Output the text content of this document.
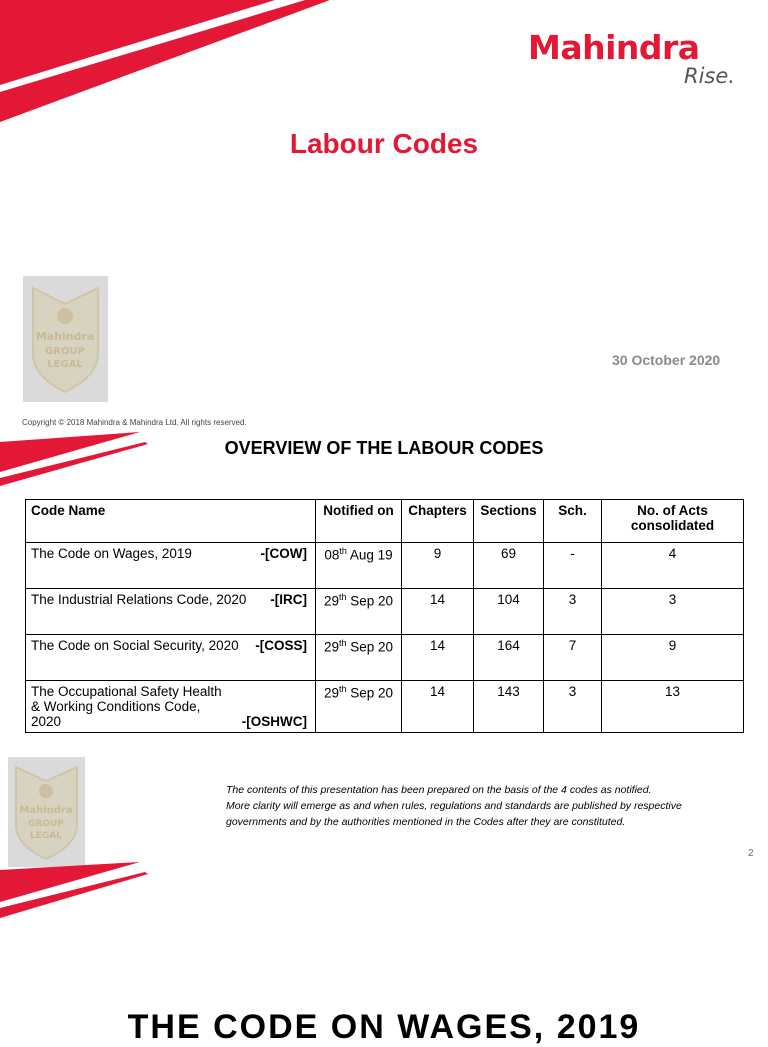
Mahindra
Rise.
Labour Codes
Mahindra
GROUP
LEGAL	30 October 2020
Copyright © 2018 Mahindra & Mahindra Ltd. All rights reserved.
OVERVIEW OF THE LABOUR CODES
Code Name	Notified on	Chapters	Sections	Sch.	No. of Acts
consolidated
The Code on Wages, 2019 -[COW]	08th Aug 19	9	69	-	4
The Industrial Relations Code, 2020 -[IRC]	29th Sep 20	14	104	3	3
The Code on Social Security, 2020 -[COSS]	29th Sep 20	14	164	7	9
The Occupational Safety Health & Working Conditions Code, 2020 -[OSHWC]	29th Sep 20	14	143	3	13
Mahindra
GROUP
LEGAL
The contents of this presentation has been prepared on the basis of the 4 codes as notified.
More clarity will emerge as and when rules, regulations and standards are published by respective
governments and by the authorities mentioned in the Codes after they are constituted.
2
THE CODE ON WAGES, 2019
